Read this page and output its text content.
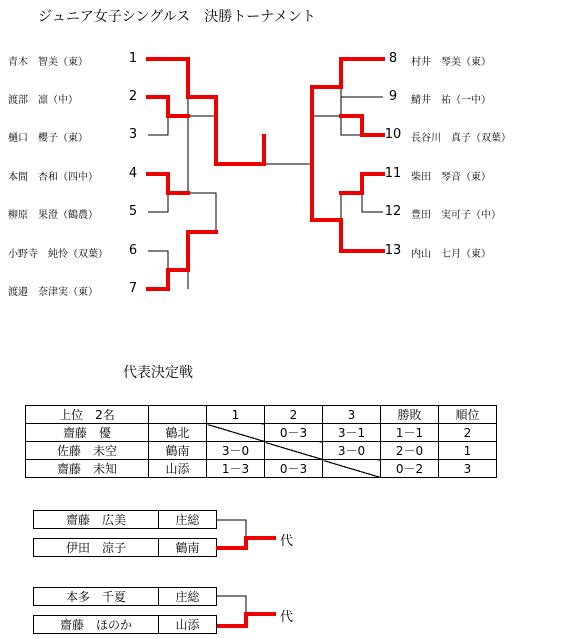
ジュニア女子シングルス　決勝トーナメント
青木　智美（東）	1
渡部　凛（中）	2
樋口　櫻子（東）	3
本間　杏和（四中）	4
柳原　果澄（鶴農）	5
小野寺　純怜（双葉）	6
渡邉　奈津実（東）	7
8	村井　琴美（東）
9	鯖井　祐（一中）
10 長谷川　真子（双葉）
11 柴田　琴音（東）
12 豊田　実可子（中）
13 内山　七月（東）
代表決定戦
上位　2名		1	2	3	勝敗	順位
齋藤　優	鶴北		0－3	3－1	1－1	2
佐藤　未空	鶴南	3－0		3－0	2－0	1
齋藤　未知	山添	1－3	0－3		0－2	3
齋藤　広美	庄総
伊田　涼子	鶴南	代
本多　千夏	庄総
齋藤　ほのか	山添	代
